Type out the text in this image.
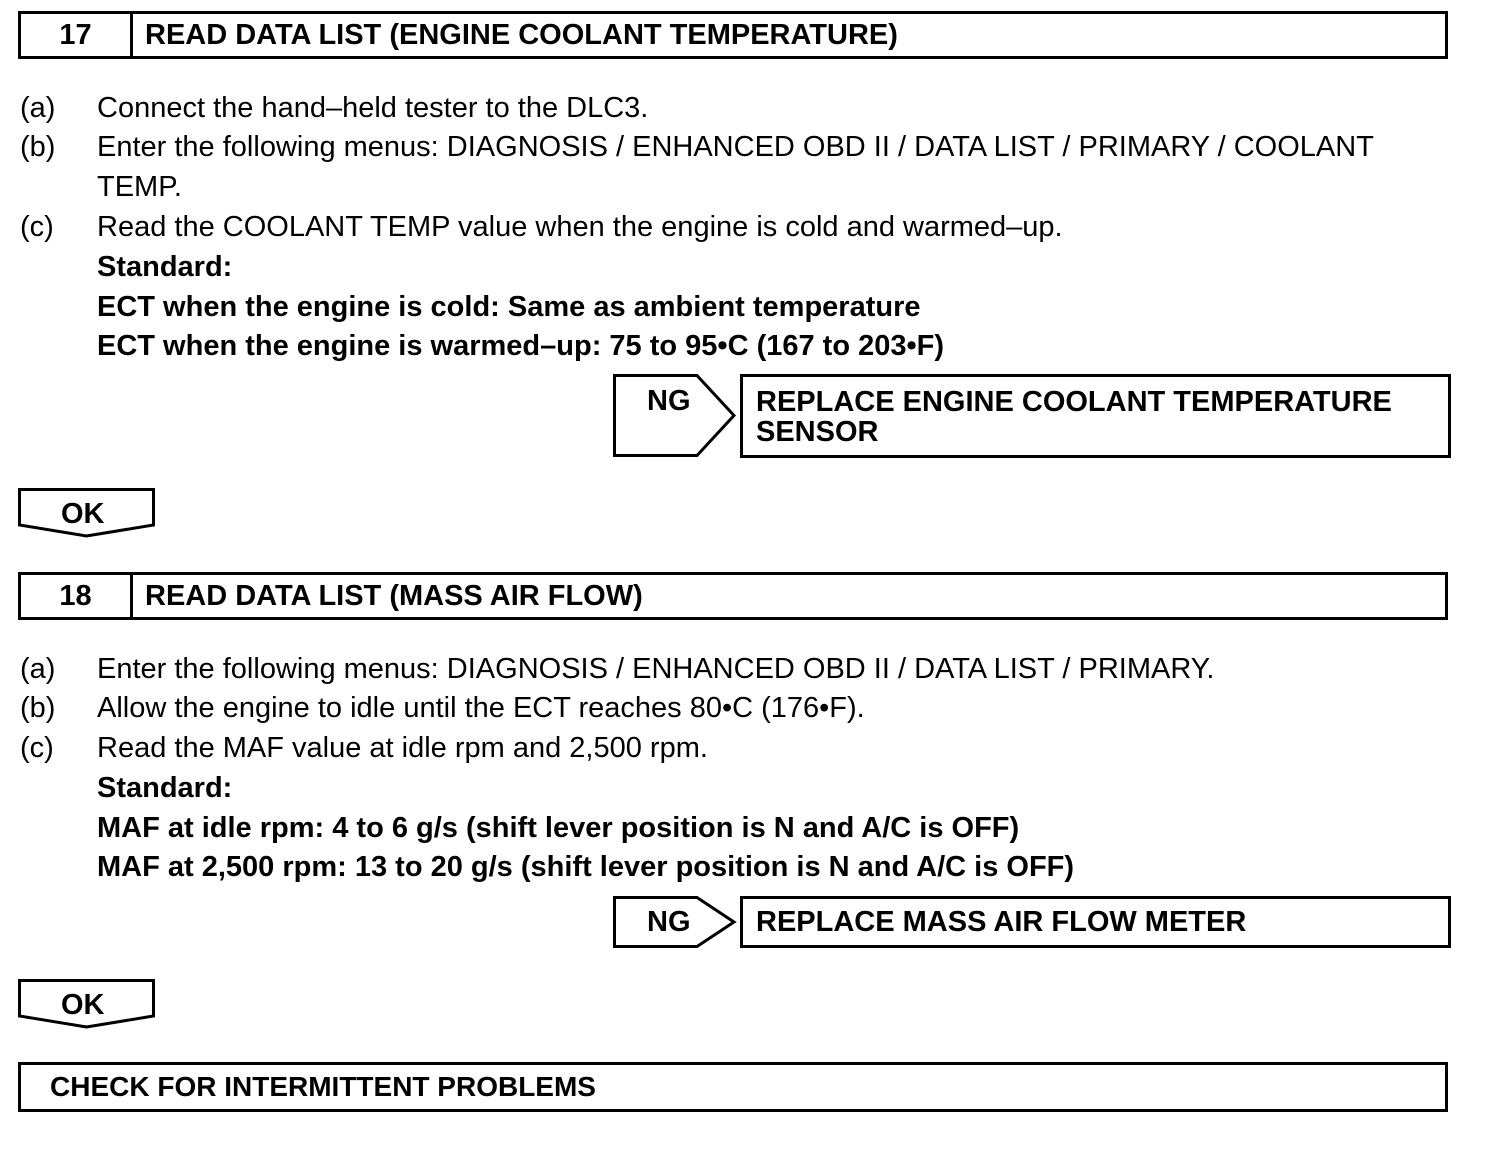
17	READ DATA LIST (ENGINE COOLANT TEMPERATURE)
(a) Connect the hand–held tester to the DLC3.
(b) Enter the following menus: DIAGNOSIS / ENHANCED OBD II / DATA LIST / PRIMARY / COOLANT
TEMP.
(c) Read the COOLANT TEMP value when the engine is cold and warmed–up.
Standard:
ECT when the engine is cold: Same as ambient temperature
ECT when the engine is warmed–up: 75 to 95•C (167 to 203•F)
NG REPLACE ENGINE COOLANT TEMPERATURE
SENSOR
OK
18	READ DATA LIST (MASS AIR FLOW)
(a) Enter the following menus: DIAGNOSIS / ENHANCED OBD II / DATA LIST / PRIMARY.
(b) Allow the engine to idle until the ECT reaches 80•C (176•F).
(c) Read the MAF value at idle rpm and 2,500 rpm.
Standard:
MAF at idle rpm: 4 to 6 g/s (shift lever position is N and A/C is OFF)
MAF at 2,500 rpm: 13 to 20 g/s (shift lever position is N and A/C is OFF)
NG REPLACE MASS AIR FLOW METER
OK
CHECK FOR INTERMITTENT PROBLEMS
